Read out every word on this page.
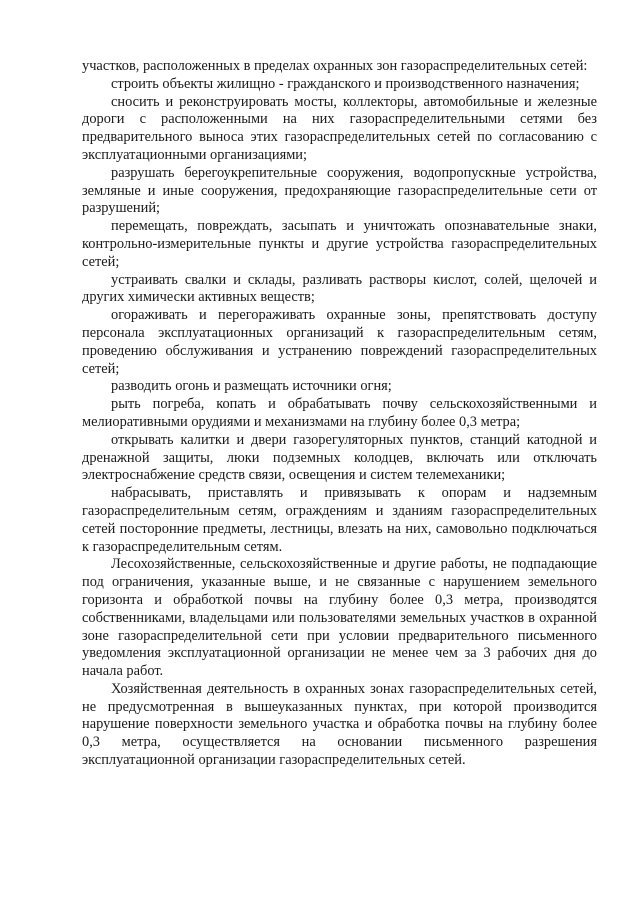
участков, расположенных в пределах охранных зон газораспределительных сетей:

строить объекты жилищно - гражданского и производственного назначения;

сносить и реконструировать мосты, коллекторы, автомобильные и железные дороги с расположенными на них газораспределительными сетями без предварительного выноса этих газораспределительных сетей по согласованию с эксплуатационными организациями;

разрушать берегоукрепительные сооружения, водопропускные устройства, земляные и иные сооружения, предохраняющие газораспределительные сети от разрушений;

перемещать, повреждать, засыпать и уничтожать опознавательные знаки, контрольно-измерительные пункты и другие устройства газораспределительных сетей;

устраивать свалки и склады, разливать растворы кислот, солей, щелочей и других химически активных веществ;

огораживать и перегораживать охранные зоны, препятствовать доступу персонала эксплуатационных организаций к газораспределительным сетям, проведению обслуживания и устранению повреждений газораспределительных сетей;

разводить огонь и размещать источники огня;

рыть погреба, копать и обрабатывать почву сельскохозяйственными и мелиоративными орудиями и механизмами на глубину более 0,3 метра;

открывать калитки и двери газорегуляторных пунктов, станций катодной и дренажной защиты, люки подземных колодцев, включать или отключать электроснабжение средств связи, освещения и систем телемеханики;

набрасывать, приставлять и привязывать к опорам и надземным газораспределительным сетям, ограждениям и зданиям газораспределительных сетей посторонние предметы, лестницы, влезать на них, самовольно подключаться к газораспределительным сетям.

Лесохозяйственные, сельскохозяйственные и другие работы, не подпадающие под ограничения, указанные выше, и не связанные с нарушением земельного горизонта и обработкой почвы на глубину более 0,3 метра, производятся собственниками, владельцами или пользователями земельных участков в охранной зоне газораспределительной сети при условии предварительного письменного уведомления эксплуатационной организации не менее чем за 3 рабочих дня до начала работ.

Хозяйственная деятельность в охранных зонах газораспределительных сетей, не предусмотренная в вышеуказанных пунктах, при которой производится нарушение поверхности земельного участка и обработка почвы на глубину более 0,3 метра, осуществляется на основании письменного разрешения эксплуатационной организации газораспределительных сетей.
